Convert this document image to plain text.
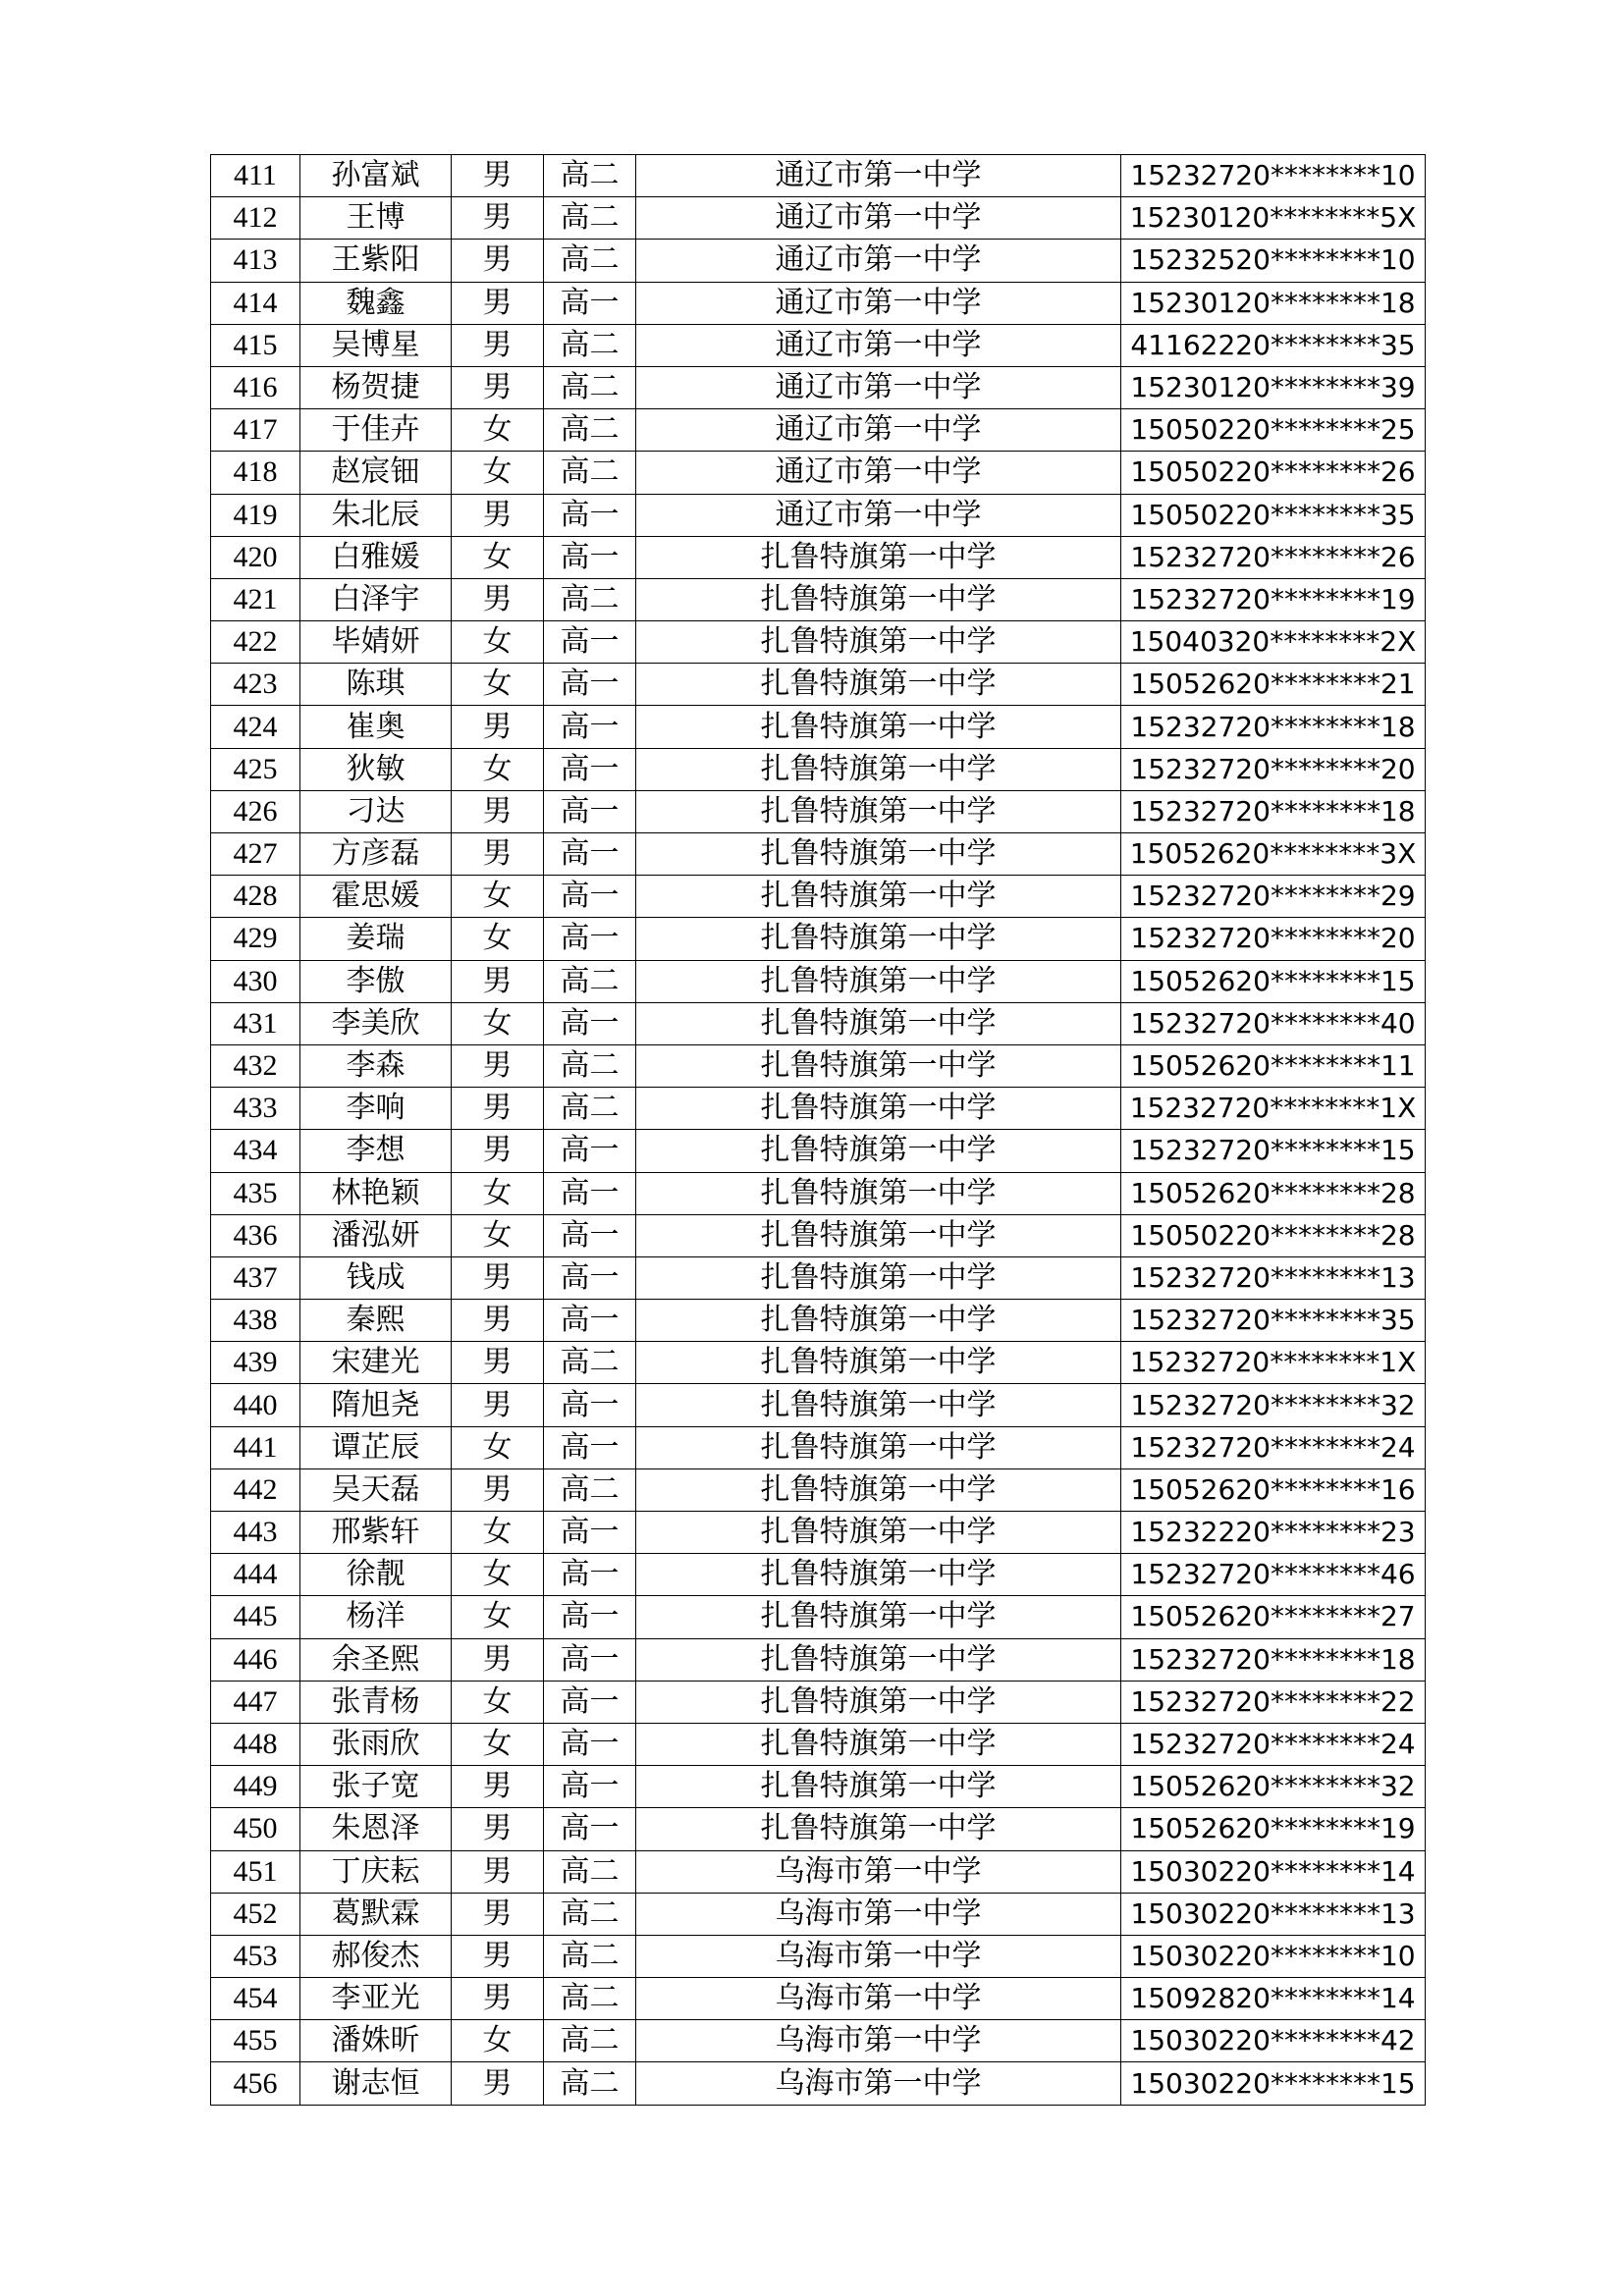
411	孙富斌	男	高二	通辽市第一中学	15232720********10
412	王博	男	高二	通辽市第一中学	15230120********5X
413	王紫阳	男	高二	通辽市第一中学	15232520********10
414	魏鑫	男	高一	通辽市第一中学	15230120********18
415	吴博星	男	高二	通辽市第一中学	41162220********35
416	杨贺捷	男	高二	通辽市第一中学	15230120********39
417	于佳卉	女	高二	通辽市第一中学	15050220********25
418	赵宸钿	女	高二	通辽市第一中学	15050220********26
419	朱北辰	男	高一	通辽市第一中学	15050220********35
420	白雅媛	女	高一	扎鲁特旗第一中学	15232720********26
421	白泽宇	男	高二	扎鲁特旗第一中学	15232720********19
422	毕婧妍	女	高一	扎鲁特旗第一中学	15040320********2X
423	陈琪	女	高一	扎鲁特旗第一中学	15052620********21
424	崔奥	男	高一	扎鲁特旗第一中学	15232720********18
425	狄敏	女	高一	扎鲁特旗第一中学	15232720********20
426	刁达	男	高一	扎鲁特旗第一中学	15232720********18
427	方彦磊	男	高一	扎鲁特旗第一中学	15052620********3X
428	霍思媛	女	高一	扎鲁特旗第一中学	15232720********29
429	姜瑞	女	高一	扎鲁特旗第一中学	15232720********20
430	李傲	男	高二	扎鲁特旗第一中学	15052620********15
431	李美欣	女	高一	扎鲁特旗第一中学	15232720********40
432	李森	男	高二	扎鲁特旗第一中学	15052620********11
433	李响	男	高二	扎鲁特旗第一中学	15232720********1X
434	李想	男	高一	扎鲁特旗第一中学	15232720********15
435	林艳颖	女	高一	扎鲁特旗第一中学	15052620********28
436	潘泓妍	女	高一	扎鲁特旗第一中学	15050220********28
437	钱成	男	高一	扎鲁特旗第一中学	15232720********13
438	秦熙	男	高一	扎鲁特旗第一中学	15232720********35
439	宋建光	男	高二	扎鲁特旗第一中学	15232720********1X
440	隋旭尧	男	高一	扎鲁特旗第一中学	15232720********32
441	谭芷辰	女	高一	扎鲁特旗第一中学	15232720********24
442	吴天磊	男	高二	扎鲁特旗第一中学	15052620********16
443	邢紫轩	女	高一	扎鲁特旗第一中学	15232220********23
444	徐靓	女	高一	扎鲁特旗第一中学	15232720********46
445	杨洋	女	高一	扎鲁特旗第一中学	15052620********27
446	余圣熙	男	高一	扎鲁特旗第一中学	15232720********18
447	张青杨	女	高一	扎鲁特旗第一中学	15232720********22
448	张雨欣	女	高一	扎鲁特旗第一中学	15232720********24
449	张子宽	男	高一	扎鲁特旗第一中学	15052620********32
450	朱恩泽	男	高一	扎鲁特旗第一中学	15052620********19
451	丁庆耘	男	高二	乌海市第一中学	15030220********14
452	葛默霖	男	高二	乌海市第一中学	15030220********13
453	郝俊杰	男	高二	乌海市第一中学	15030220********10
454	李亚光	男	高二	乌海市第一中学	15092820********14
455	潘姝昕	女	高二	乌海市第一中学	15030220********42
456	谢志恒	男	高二	乌海市第一中学	15030220********15
